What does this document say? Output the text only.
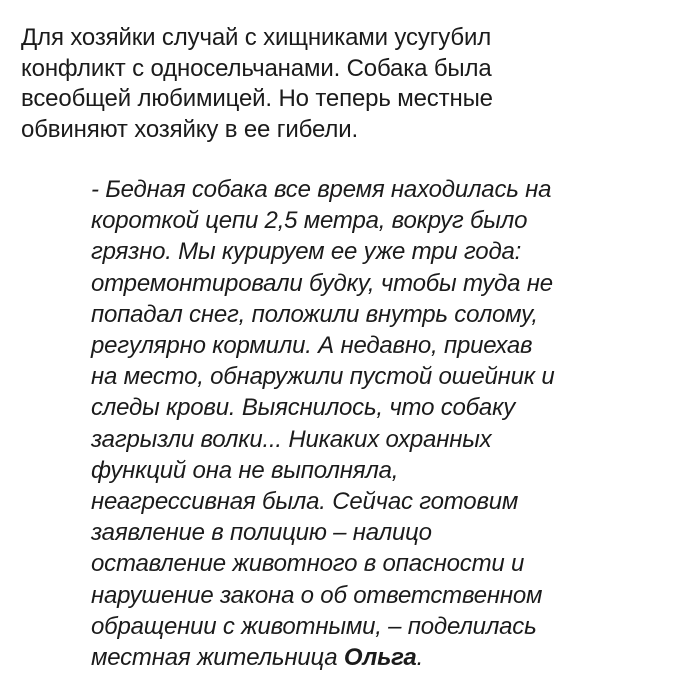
Для хозяйки случай с хищниками усугубил
конфликт с односельчанами. Собака была
всеобщей любимицей. Но теперь местные
обвиняют хозяйку в ее гибели.

- Бедная собака все время находилась на
короткой цепи 2,5 метра, вокруг было
грязно. Мы курируем ее уже три года:
отремонтировали будку, чтобы туда не
попадал снег, положили внутрь солому,
регулярно кормили. А недавно, приехав
на место, обнаружили пустой ошейник и
следы крови. Выяснилось, что собаку
загрызли волки... Никаких охранных
функций она не выполняла,
неагрессивная была. Сейчас готовим
заявление в полицию – налицо
оставление животного в опасности и
нарушение закона о об ответственном
обращении с животными, – поделилась
местная жительница Ольга.
